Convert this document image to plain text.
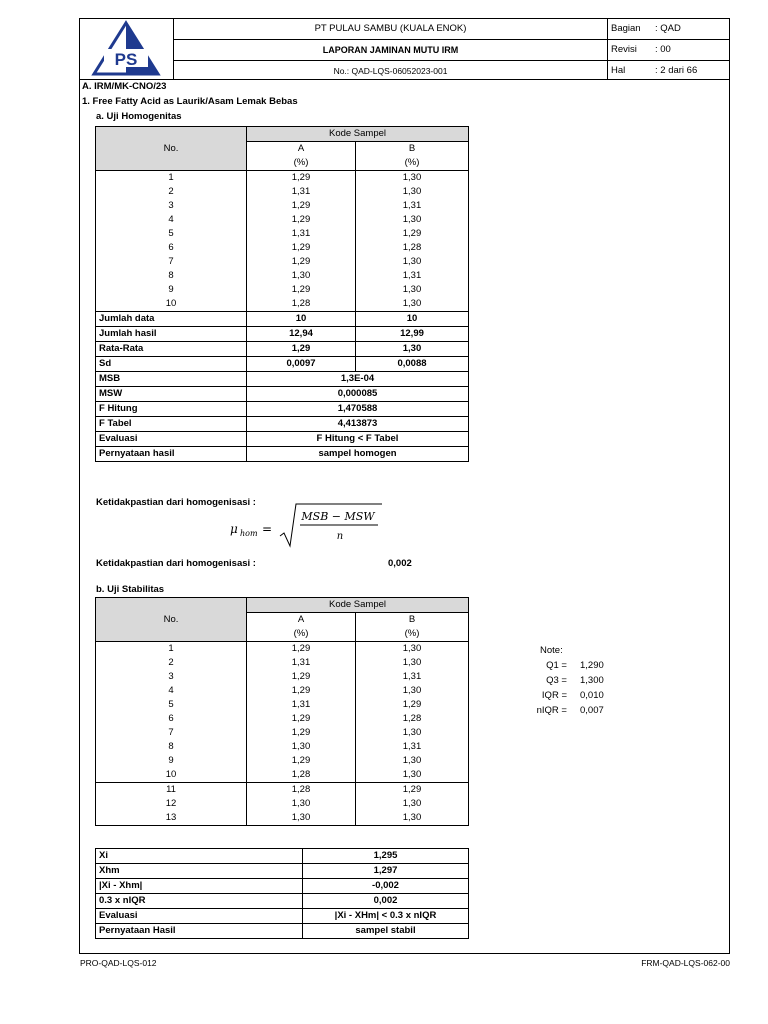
PS
PT PULAU SAMBU (KUALA ENOK)
LAPORAN JAMINAN MUTU IRM
No.: QAD-LQS-06052023-001
Bagian : QAD
Revisi : 00
Hal	: 2 dari 66
A. IRM/MK-CNO/23
1. Free Fatty Acid as Laurik/Asam Lemak Bebas
a. Uji Homogenitas
No.	Kode Sampel	
	A	B
	(%)	(%)
1	1,29	1,30
2	1,31	1,30
3	1,29	1,31
4	1,29	1,30
5	1,31	1,29
6	1,29	1,28
7	1,29	1,30
8	1,30	1,31
9	1,29	1,30
10	1,28	1,30
Jumlah data	10	10
Jumlah hasil	12,94	12,99
Rata-Rata	1,29	1,30
Sd	0,0097	0,0088
MSB	1,3E-04	
MSW	0,000085	
F Hitung	1,470588	
F Tabel	4,413873	
Evaluasi	F Hitung < F Tabel	
Pernyataan hasil	sampel homogen	
Ketidakpastian dari homogenisasi :
μ hom =
MSB − MSW
n
Ketidakpastian dari homogenisasi :	0,002
b. Uji Stabilitas
No.	Kode Sampel	
	A	B
	(%)	(%)
1	1,29	1,30
2	1,31	1,30
3	1,29	1,31
4	1,29	1,30
5	1,31	1,29
6	1,29	1,28
7	1,29	1,30
8	1,30	1,31
9	1,29	1,30
10	1,28	1,30
11	1,28	1,29
12	1,30	1,30
13	1,30	1,30
Xi	1,295
Xhm	1,297
|Xi - Xhm|	-0,002
0.3 x nIQR	0,002
Evaluasi	|Xi - XHm| < 0.3 x nIQR
Pernyataan Hasil	sampel stabil
Note:
Q1 = 1,290
Q3 = 1,300
IQR = 0,010
nIQR = 0,007
PRO-QAD-LQS-012	FRM-QAD-LQS-062-00
